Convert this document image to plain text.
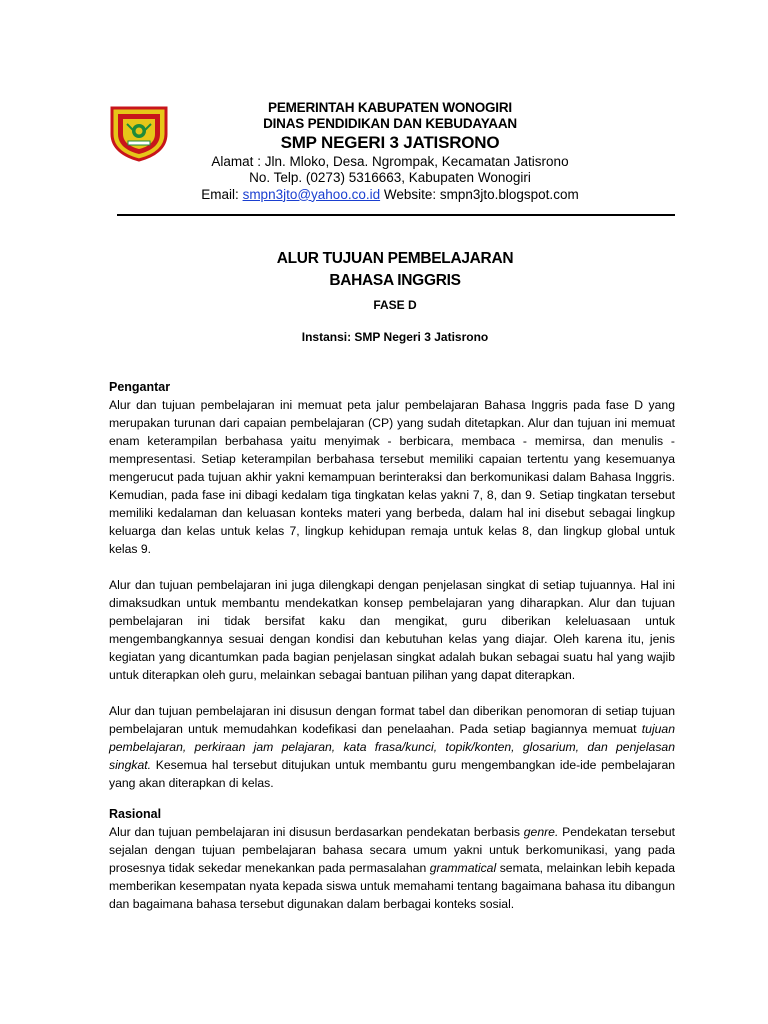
PEMERINTAH KABUPATEN WONOGIRI
DINAS PENDIDIKAN DAN KEBUDAYAAN
SMP NEGERI 3 JATISRONO
Alamat : Jln. Mloko, Desa. Ngrompak, Kecamatan Jatisrono
No. Telp. (0273) 5316663, Kabupaten Wonogiri
Email: smpn3jto@yahoo.co.id Website: smpn3jto.blogspot.com
ALUR TUJUAN PEMBELAJARAN
BAHASA INGGRIS
FASE D
Instansi: SMP Negeri 3 Jatisrono
Pengantar

Alur dan tujuan pembelajaran ini memuat peta jalur pembelajaran Bahasa Inggris pada fase D yang merupakan turunan dari capaian pembelajaran (CP) yang sudah ditetapkan. Alur dan tujuan ini memuat enam keterampilan berbahasa yaitu menyimak - berbicara, membaca - memirsa, dan menulis - mempresentasi. Setiap keterampilan berbahasa tersebut memiliki capaian tertentu yang kesemuanya mengerucut pada tujuan akhir yakni kemampuan berinteraksi dan berkomunikasi dalam Bahasa Inggris. Kemudian, pada fase ini dibagi kedalam tiga tingkatan kelas yakni 7, 8, dan 9. Setiap tingkatan tersebut memiliki kedalaman dan keluasan konteks materi yang berbeda, dalam hal ini disebut sebagai lingkup keluarga dan kelas untuk kelas 7, lingkup kehidupan remaja untuk kelas 8, dan lingkup global untuk kelas 9.

Alur dan tujuan pembelajaran ini juga dilengkapi dengan penjelasan singkat di setiap tujuannya. Hal ini dimaksudkan untuk membantu mendekatkan konsep pembelajaran yang diharapkan. Alur dan tujuan pembelajaran ini tidak bersifat kaku dan mengikat, guru diberikan keleluasaan untuk mengembangkannya sesuai dengan kondisi dan kebutuhan kelas yang diajar. Oleh karena itu, jenis kegiatan yang dicantumkan pada bagian penjelasan singkat adalah bukan sebagai suatu hal yang wajib untuk diterapkan oleh guru, melainkan sebagai bantuan pilihan yang dapat diterapkan.

Alur dan tujuan pembelajaran ini disusun dengan format tabel dan diberikan penomoran di setiap tujuan pembelajaran untuk memudahkan kodefikasi dan penelaahan. Pada setiap bagiannya memuat tujuan pembelajaran, perkiraan jam pelajaran, kata frasa/kunci, topik/konten, glosarium, dan penjelasan singkat. Kesemua hal tersebut ditujukan untuk membantu guru mengembangkan ide-ide pembelajaran yang akan diterapkan di kelas.

Rasional

Alur dan tujuan pembelajaran ini disusun berdasarkan pendekatan berbasis genre. Pendekatan tersebut sejalan dengan tujuan pembelajaran bahasa secara umum yakni untuk berkomunikasi, yang pada prosesnya tidak sekedar menekankan pada permasalahan grammatical semata, melainkan lebih kepada memberikan kesempatan nyata kepada siswa untuk memahami tentang bagaimana bahasa itu dibangun dan bagaimana bahasa tersebut digunakan dalam berbagai konteks sosial.
